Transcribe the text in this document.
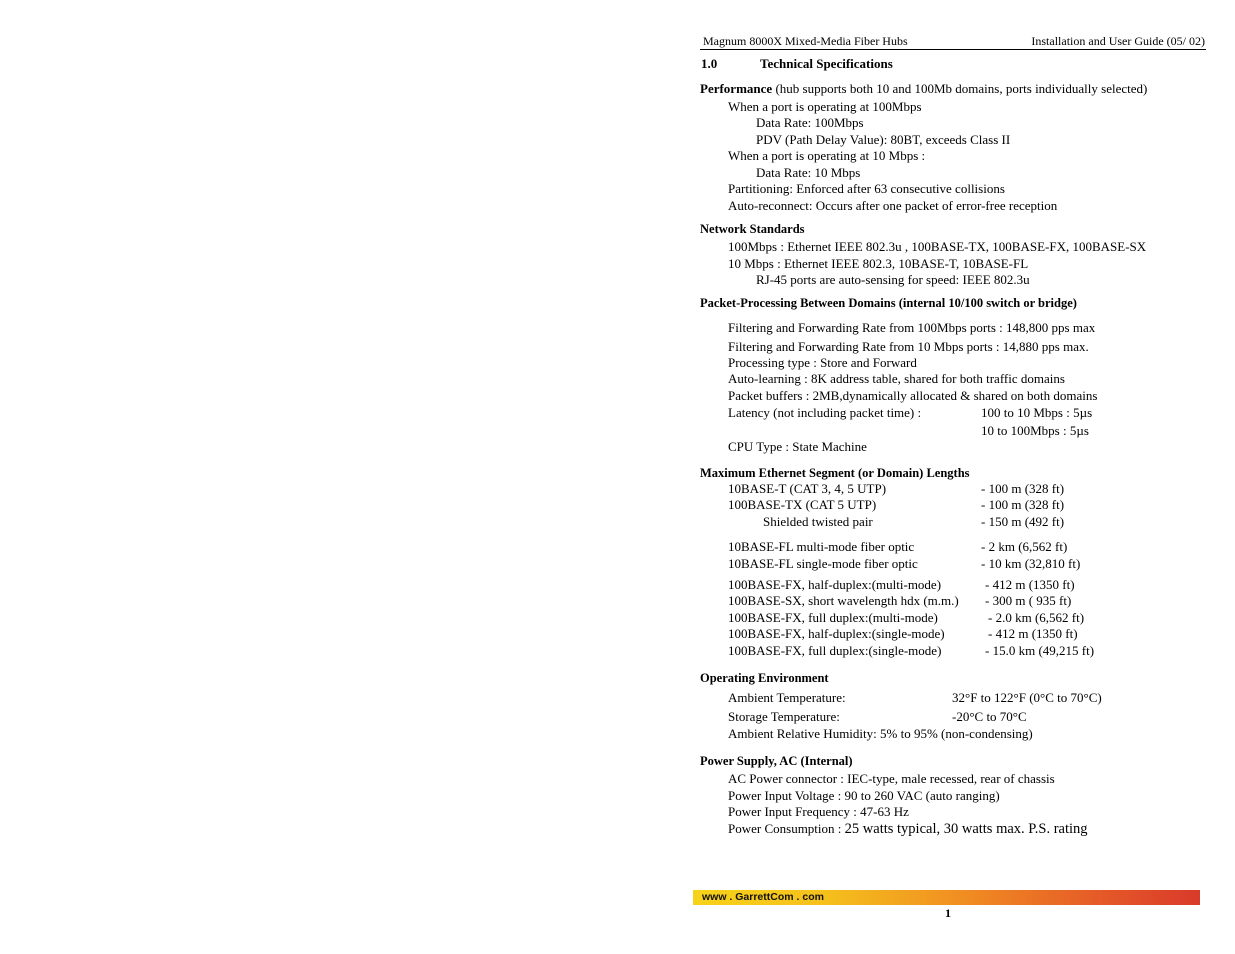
Magnum 8000X Mixed-Media Fiber Hubs	Installation and User Guide (05/ 02)
1.0	Technical Specifications
Performance (hub supports both 10 and 100Mb domains, ports individually selected)
When a port is operating at 100Mbps
Data Rate: 100Mbps
PDV (Path Delay Value): 80BT, exceeds Class II
When a port is operating at 10 Mbps :
Data Rate: 10 Mbps
Partitioning: Enforced after 63 consecutive collisions
Auto-reconnect: Occurs after one packet of error-free reception
Network Standards
100Mbps : Ethernet IEEE 802.3u , 100BASE-TX, 100BASE-FX, 100BASE-SX
10 Mbps : Ethernet IEEE 802.3, 10BASE-T, 10BASE-FL
RJ-45 ports are auto-sensing for speed: IEEE 802.3u
Packet-Processing Between Domains (internal 10/100 switch or bridge)
Filtering and Forwarding Rate from 100Mbps ports : 148,800 pps max
Filtering and Forwarding Rate from 10 Mbps ports : 14,880 pps max.
Processing type : Store and Forward
Auto-learning : 8K address table, shared for both traffic domains
Packet buffers : 2MB,dynamically allocated & shared on both domains
Latency (not including packet time) :	100 to 10 Mbps : 5µs
10 to 100Mbps : 5µs
CPU Type : State Machine
Maximum Ethernet Segment (or Domain) Lengths
10BASE-T (CAT 3, 4, 5 UTP)	- 100 m (328 ft)
100BASE-TX (CAT 5 UTP)	- 100 m (328 ft)
Shielded twisted pair	- 150 m (492 ft)
10BASE-FL multi-mode fiber optic	- 2 km (6,562 ft)
10BASE-FL single-mode fiber optic	- 10 km (32,810 ft)
100BASE-FX, half-duplex:(multi-mode)	- 412 m (1350 ft)
100BASE-SX, short wavelength hdx (m.m.) - 300 m ( 935 ft)
100BASE-FX, full duplex:(multi-mode)	- 2.0 km (6,562 ft)
100BASE-FX, half-duplex:(single-mode)	- 412 m (1350 ft)
100BASE-FX, full duplex:(single-mode)	- 15.0 km (49,215 ft)
Operating Environment
Ambient Temperature:	32°F to 122°F (0°C to 70°C)
Storage Temperature:	-20°C to 70°C
Ambient Relative Humidity: 5% to 95% (non-condensing)
Power Supply, AC (Internal)
AC Power connector : IEC-type, male recessed, rear of chassis
Power Input Voltage : 90 to 260 VAC (auto ranging)
Power Input Frequency : 47-63 Hz
Power Consumption : 25 watts typical, 30 watts max. P.S. rating
www . GarrettCom . com
1
